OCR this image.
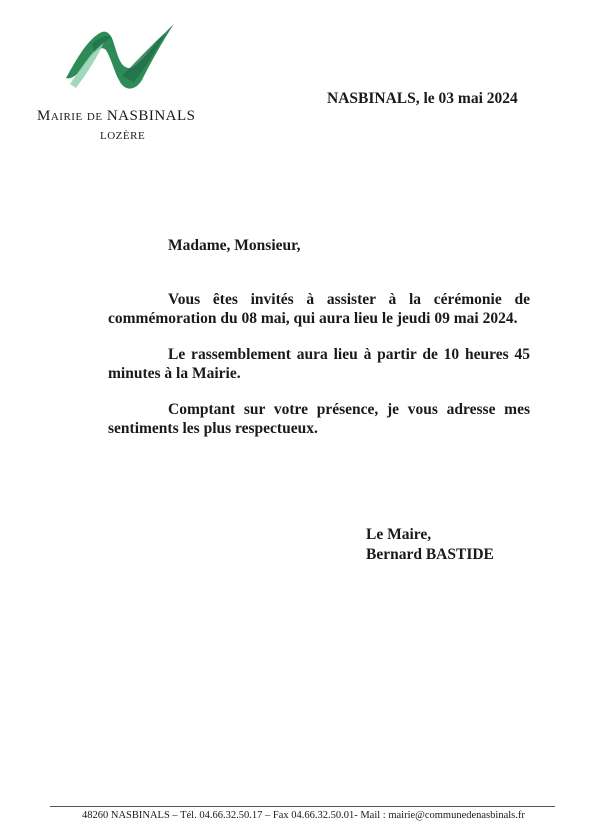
Mairie de NASBINALS
LOZÈRE
NASBINALS, le 03 mai 2024
Madame, Monsieur,

Vous êtes invités à assister à la cérémonie de commémoration du 08 mai, qui aura lieu le jeudi 09 mai 2024.

Le rassemblement aura lieu à partir de 10 heures 45 minutes à la Mairie.

Comptant sur votre présence, je vous adresse mes sentiments les plus respectueux.

Le Maire,
Bernard BASTIDE
48260 NASBINALS – Tél. 04.66.32.50.17 – Fax 04.66.32.50.01- Mail : mairie@communedenasbinals.fr
